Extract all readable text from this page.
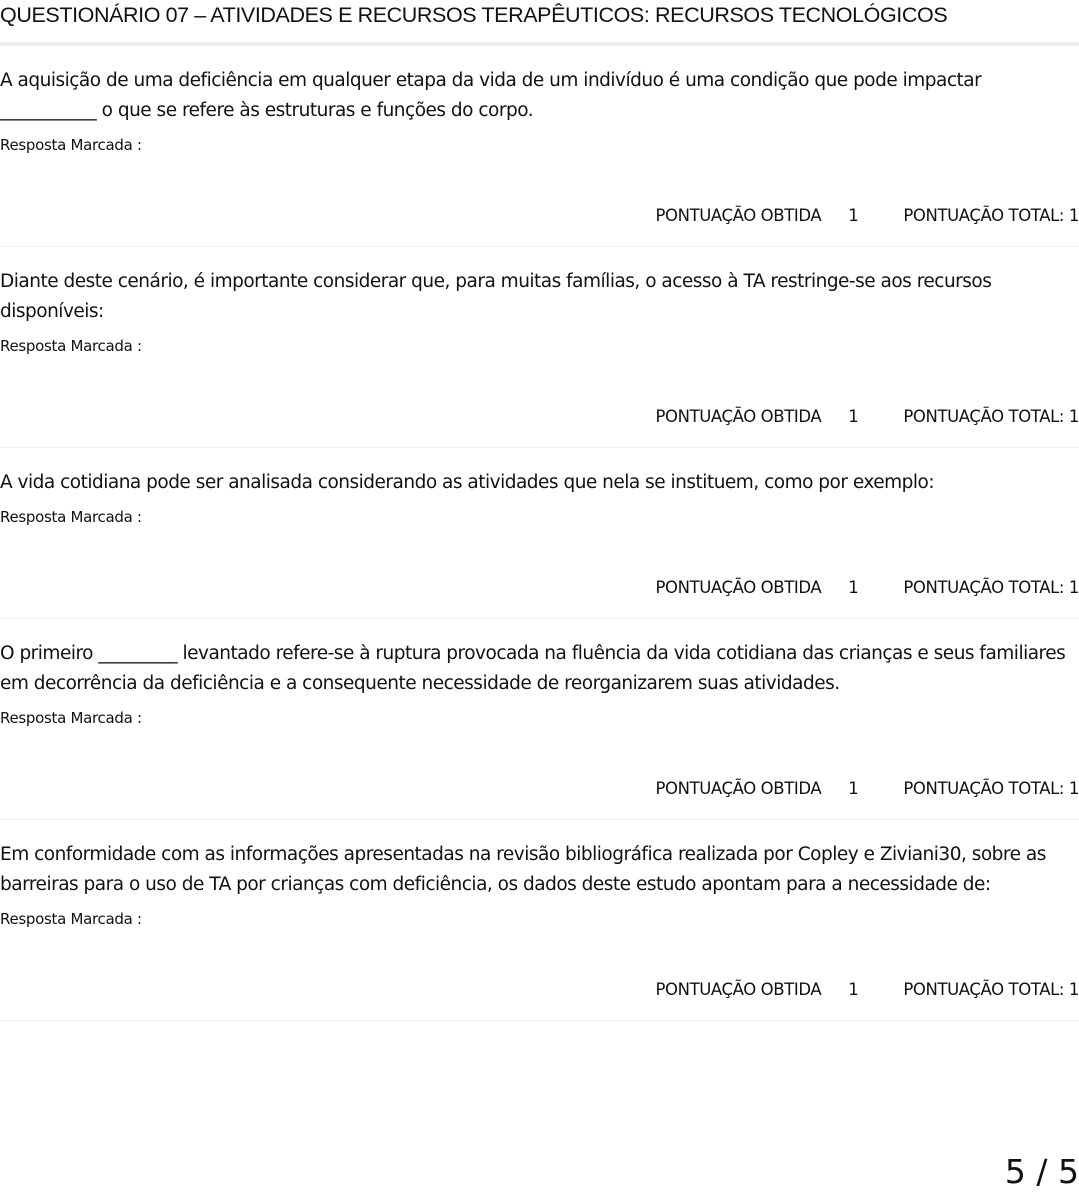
QUESTIONÁRIO 07 – ATIVIDADES E RECURSOS TERAPÊUTICOS: RECURSOS TECNOLÓGICOS

A aquisição de uma deficiência em qualquer etapa da vida de um indivíduo é uma condição que pode impactar ___________ o que se refere às estruturas e funções do corpo.

Resposta Marcada :
PONTUAÇÃO OBTIDA 1	PONTUAÇÃO TOTAL: 1

Diante deste cenário, é importante considerar que, para muitas famílias, o acesso à TA restringe-se aos recursos disponíveis:

Resposta Marcada :
PONTUAÇÃO OBTIDA 1	PONTUAÇÃO TOTAL: 1

A vida cotidiana pode ser analisada considerando as atividades que nela se instituem, como por exemplo:

Resposta Marcada :
PONTUAÇÃO OBTIDA 1	PONTUAÇÃO TOTAL: 1

O primeiro _________ levantado refere-se à ruptura provocada na fluência da vida cotidiana das crianças e seus familiares em decorrência da deficiência e a consequente necessidade de reorganizarem suas atividades.

Resposta Marcada :
PONTUAÇÃO OBTIDA 1	PONTUAÇÃO TOTAL: 1

Em conformidade com as informações apresentadas na revisão bibliográfica realizada por Copley e Ziviani30, sobre as barreiras para o uso de TA por crianças com deficiência, os dados deste estudo apontam para a necessidade de:

Resposta Marcada :
PONTUAÇÃO OBTIDA 1	PONTUAÇÃO TOTAL: 1
5 / 5
